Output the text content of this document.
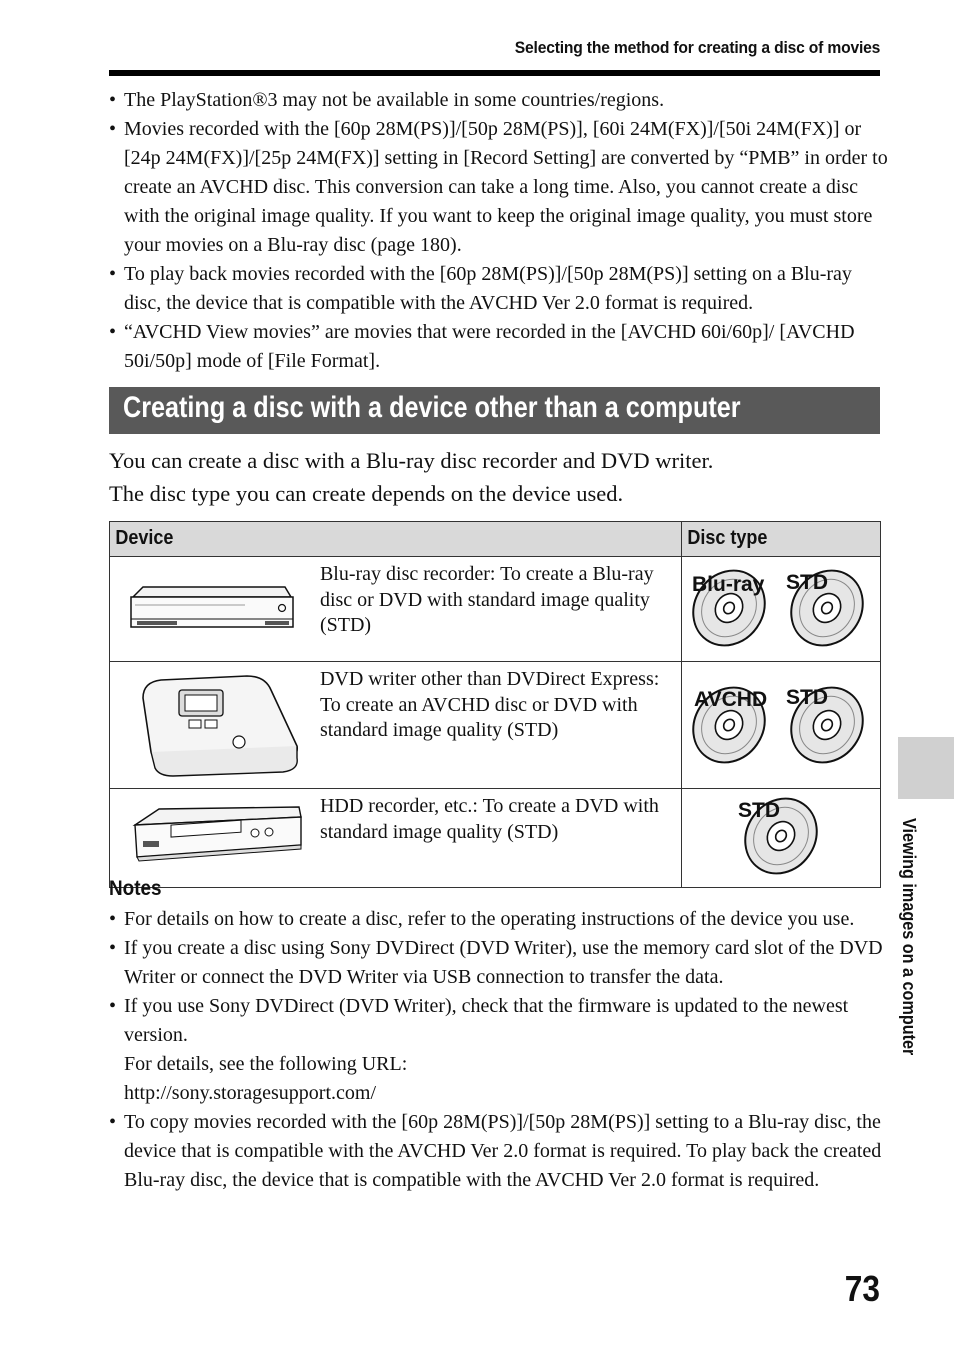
Selecting the method for creating a disc of movies
• The PlayStation®3 may not be available in some countries/regions.
• Movies recorded with the [60p 28M(PS)]/[50p 28M(PS)], [60i 24M(FX)]/[50i 24M(FX)] or [24p 24M(FX)]/[25p 24M(FX)] setting in [Record Setting] are converted by “PMB” in order to create an AVCHD disc. This conversion can take a long time. Also, you cannot create a disc with the original image quality. If you want to keep the original image quality, you must store your movies on a Blu-ray disc (page 180).
• To play back movies recorded with the [60p 28M(PS)]/[50p 28M(PS)] setting on a Blu-ray disc, the device that is compatible with the AVCHD Ver 2.0 format is required.
• “AVCHD View movies” are movies that were recorded in the [AVCHD 60i/60p]/ [AVCHD 50i/50p] mode of [File Format].
Creating a disc with a device other than a computer

You can create a disc with a Blu-ray disc recorder and DVD writer.

The disc type you can create depends on the device used.

Device		Disc type
	Blu-ray disc recorder: To create a Blu-ray disc or DVD with standard image quality (STD)	Blu-ray STD

	DVD writer other than DVDirect Express: To create an AVCHD disc or DVD with standard image quality (STD)	AVCHD STD

	HDD recorder, etc.: To create a DVD with standard image quality (STD)	STD
Notes
• For details on how to create a disc, refer to the operating instructions of the device you use.
• If you create a disc using Sony DVDirect (DVD Writer), use the memory card slot of the DVD Writer or connect the DVD Writer via USB connection to transfer the data.
• If you use Sony DVDirect (DVD Writer), check that the firmware is updated to the newest version.
For details, see the following URL:
http://sony.storagesupport.com/
• To copy movies recorded with the [60p 28M(PS)]/[50p 28M(PS)] setting to a Blu-ray disc, the device that is compatible with the AVCHD Ver 2.0 format is required. To play back the created Blu-ray disc, the device that is compatible with the AVCHD Ver 2.0 format is required.
Viewing images on a computer
73
